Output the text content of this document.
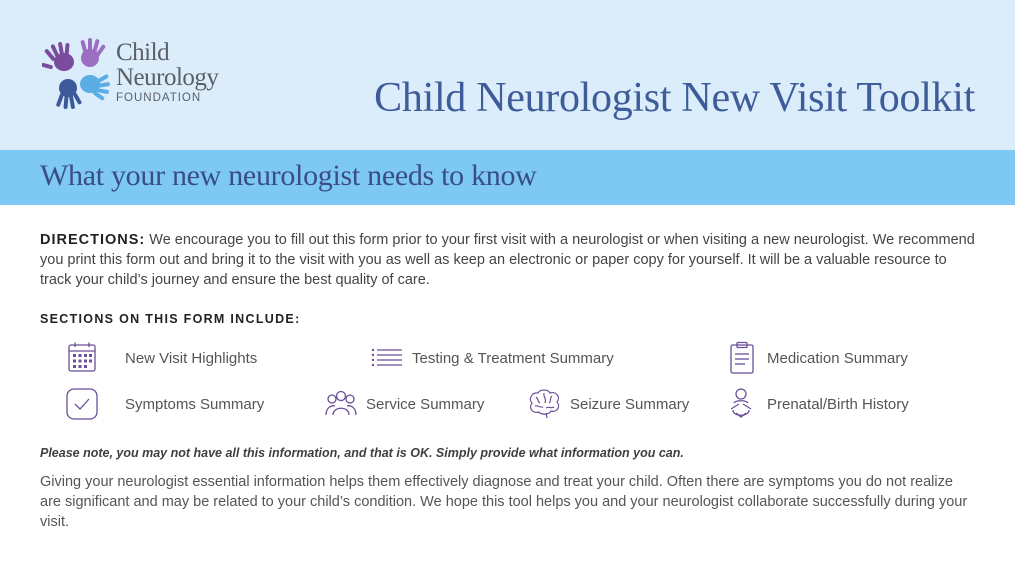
Child
Neurology
FOUNDATION	Child Neurologist New Visit Toolkit
What your new neurologist needs to know

DIRECTIONS: We encourage you to fill out this form prior to your first visit with a neurologist or when visiting a new neurologist. We recommend you print this form out and bring it to the visit with you as well as keep an electronic or paper copy for yourself. It will be a valuable resource to track your child’s journey and ensure the best quality of care.

SECTIONS ON THIS FORM INCLUDE:
New Visit Highlights	Testing & Treatment Summary	Medication Summary
Symptoms Summary	Service Summary	Seizure Summary	Prenatal/Birth History

Please note, you may not have all this information, and that is OK. Simply provide what information you can.

Giving your neurologist essential information helps them effectively diagnose and treat your child. Often there are symptoms you do not realize are significant and may be related to your child’s condition. We hope this tool helps you and your neurologist collaborate successfully during your visit.
